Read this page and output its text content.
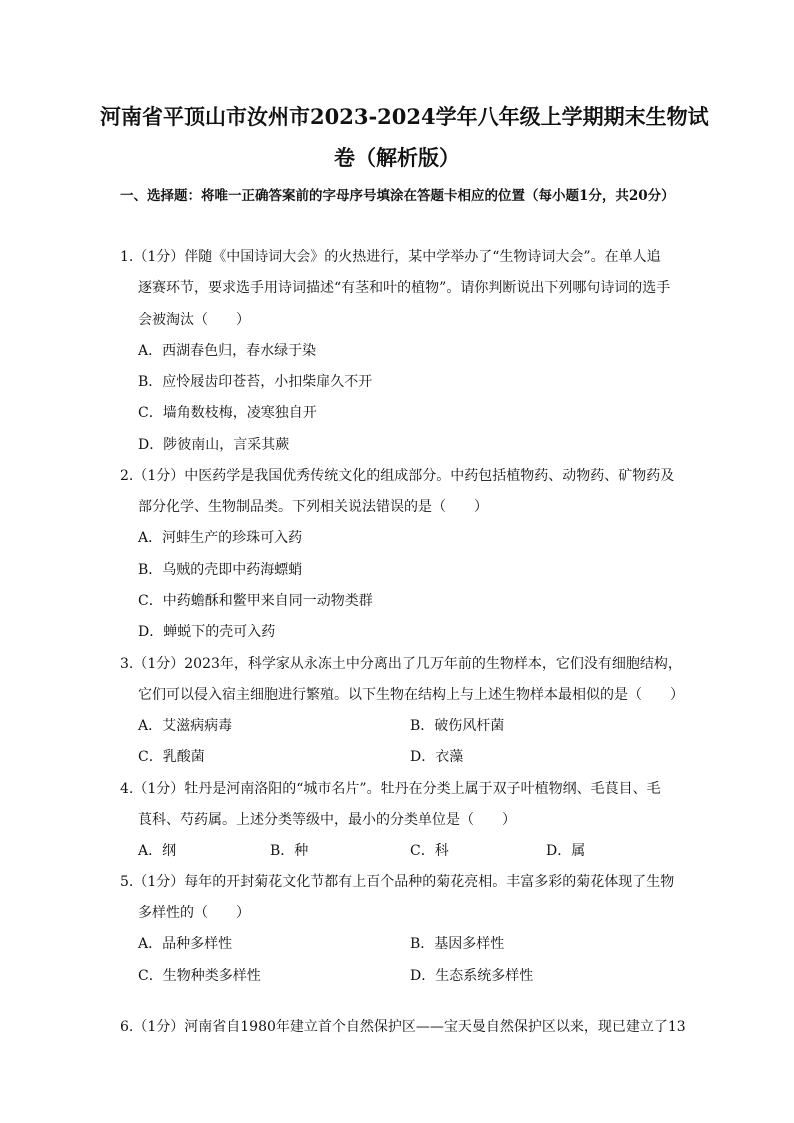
河南省平顶山市汝州市2023-2024学年八年级上学期期末生物试
卷（解析版）
一、选择题：将唯一正确答案前的字母序号填涂在答题卡相应的位置（每小题1分，共20分）
1.（1分）伴随《中国诗词大会》的火热进行，某中学举办了“生物诗词大会”。在单人追
逐赛环节，要求选手用诗词描述“有茎和叶的植物”。请你判断说出下列哪句诗词的选手
会被淘汰（　　）
A．西湖春色归，春水绿于染
B．应怜屐齿印苍苔，小扣柴扉久不开
C．墙角数枝梅，凌寒独自开
D．陟彼南山，言采其蕨
2.（1分）中医药学是我国优秀传统文化的组成部分。中药包括植物药、动物药、矿物药及
部分化学、生物制品类。下列相关说法错误的是（　　）
A．河蚌生产的珍珠可入药
B．乌贼的壳即中药海螵蛸
C．中药蟾酥和鳖甲来自同一动物类群
D．蝉蜕下的壳可入药
3.（1分）2023年，科学家从永冻土中分离出了几万年前的生物样本，它们没有细胞结构，
它们可以侵入宿主细胞进行繁殖。以下生物在结构上与上述生物样本最相似的是（　　）
A．艾滋病病毒	B．破伤风杆菌
C．乳酸菌	D．衣藻
4.（1分）牡丹是河南洛阳的“城市名片”。牡丹在分类上属于双子叶植物纲、毛茛目、毛
茛科、芍药属。上述分类等级中，最小的分类单位是（　　）
A．纲	B．种	C．科	D．属
5.（1分）每年的开封菊花文化节都有上百个品种的菊花亮相。丰富多彩的菊花体现了生物
多样性的（　　）
A．品种多样性	B．基因多样性
C．生物种类多样性	D．生态系统多样性
6.（1分）河南省自1980年建立首个自然保护区——宝天曼自然保护区以来，现已建立了13
